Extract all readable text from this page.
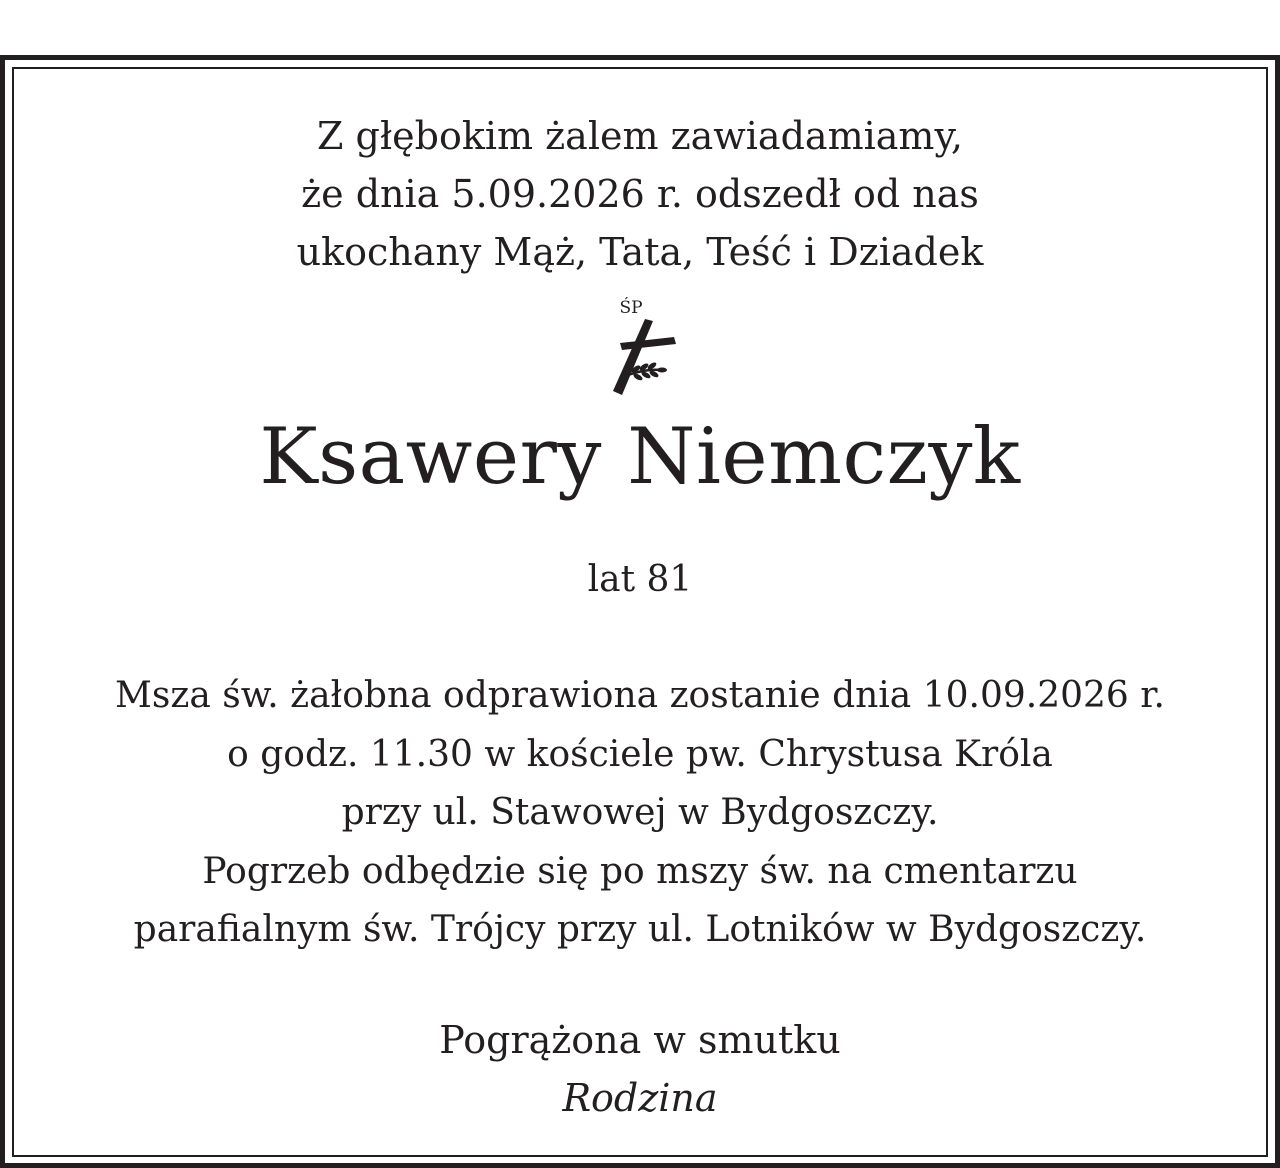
Z głębokim żalem zawiadamiamy,
że dnia 5.09.2026 r. odszedł od nas
ukochany Mąż, Tata, Teść i Dziadek
ŚP
Ksawery Niemczyk
lat 81
Msza św. żałobna odprawiona zostanie dnia 10.09.2026 r.
o godz. 11.30 w kościele pw. Chrystusa Króla
przy ul. Stawowej w Bydgoszczy.
Pogrzeb odbędzie się po mszy św. na cmentarzu
parafialnym św. Trójcy przy ul. Lotników w Bydgoszczy.
Pogrążona w smutku
Rodzina
